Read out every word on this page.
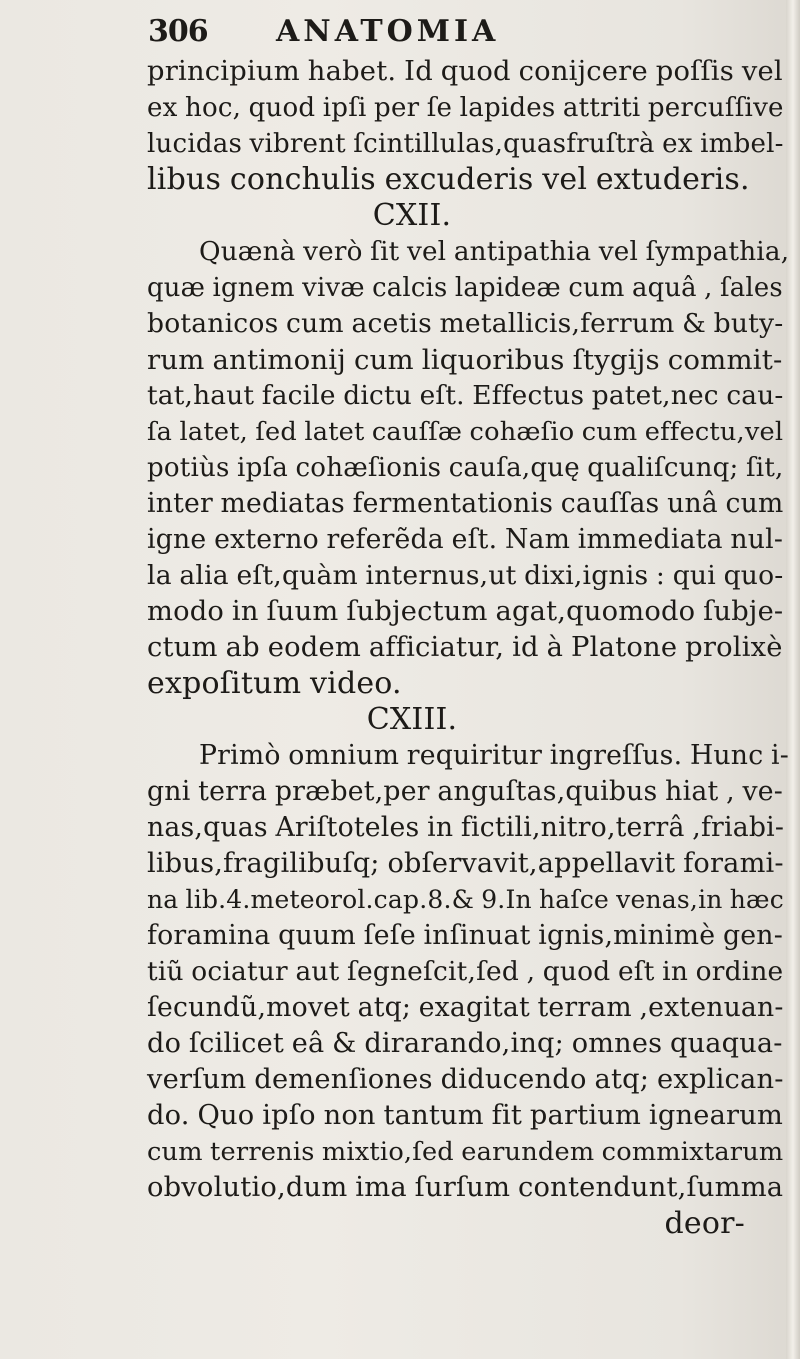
306 ANATOMIA
principium habet. Id quod conijcere poſſis vel
ex hoc, quod ipſi per ſe lapides attriti percuſſive
lucidas vibrent ſcintillulas,quasfruſtrà ex imbel-
libus conchulis excuderis vel extuderis.
CXII.
Quænà verò ſit vel antipathia vel ſympathia,
quæ ignem vivæ calcis lapideæ cum aquâ , ſales
botanicos cum acetis metallicis,ferrum & buty-
rum antimonij cum liquoribus ſtygijs commit-
tat,haut facile dictu eſt. Effectus patet,nec cau-
ſa latet, ſed latet cauſſæ cohæſio cum effectu,vel
potiùs ipſa cohæſionis cauſa,quę qualiſcunq; ſit,
inter mediatas fermentationis cauſſas unâ cum
igne externo referẽda eſt. Nam immediata nul-
la alia eſt,quàm internus,ut dixi,ignis : qui quo-
modo in ſuum ſubjectum agat,quomodo ſubje-
ctum ab eodem afficiatur, id à Platone prolixè
expoſitum video.
CXIII.
Primò omnium requiritur ingreſſus. Hunc i-
gni terra præbet,per anguſtas,quibus hiat , ve-
nas,quas Ariſtoteles in fictili,nitro,terrâ ,friabi-
libus,fragilibuſq; obſervavit,appellavit forami-
na lib.4.meteorol.cap.8.& 9.In haſce venas,in hæc
foramina quum ſeſe inſinuat ignis,minimè gen-
tiũ ociatur aut ſegneſcit,ſed , quod eſt in ordine
ſecundũ,movet atq; exagitat terram ,extenuan-
do ſcilicet eâ & dirarando,inq; omnes quaqua-
verſum demenſiones diducendo atq; explican-
do. Quo ipſo non tantum fit partium ignearum
cum terrenis mixtio,ſed earundem commixtarum
obvolutio,dum ima ſurſum contendunt,ſumma
deor-
